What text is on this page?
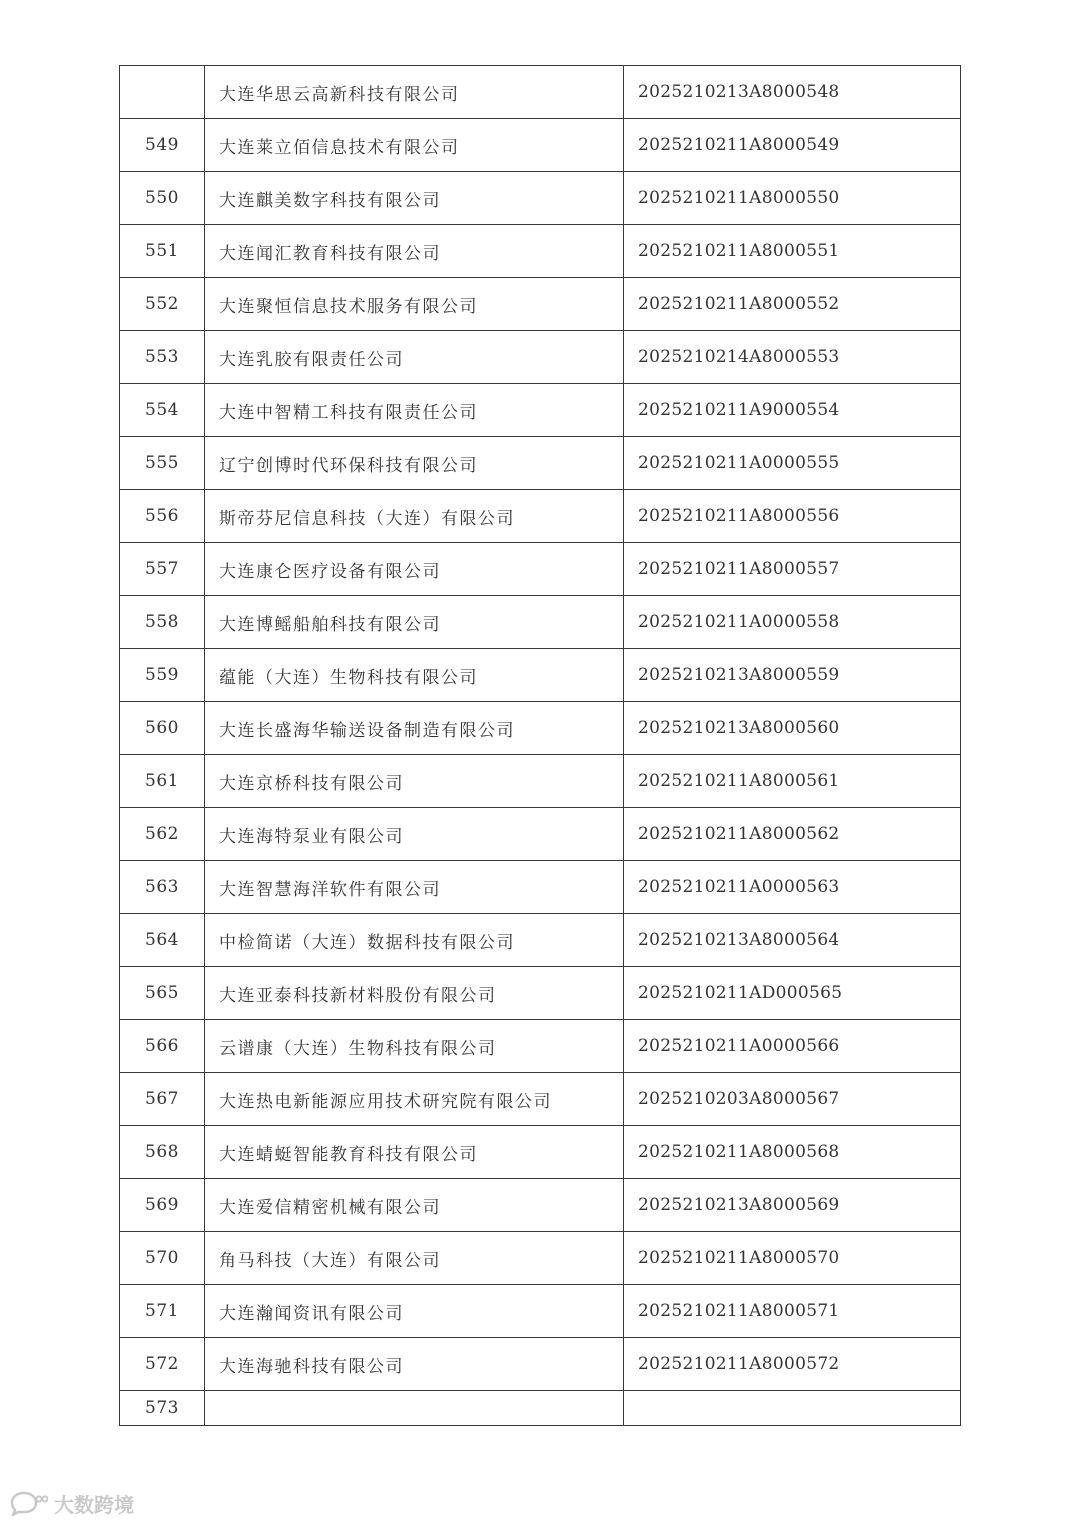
	大连华思云高新科技有限公司	2025210213A8000548
549	大连莱立佰信息技术有限公司	2025210211A8000549
550	大连麒美数字科技有限公司	2025210211A8000550
551	大连闻汇教育科技有限公司	2025210211A8000551
552	大连聚恒信息技术服务有限公司	2025210211A8000552
553	大连乳胶有限责任公司	2025210214A8000553
554	大连中智精工科技有限责任公司	2025210211A9000554
555	辽宁创博时代环保科技有限公司	2025210211A0000555
556	斯帝芬尼信息科技（大连）有限公司	2025210211A8000556
557	大连康仑医疗设备有限公司	2025210211A8000557
558	大连博鳐船舶科技有限公司	2025210211A0000558
559	蕴能（大连）生物科技有限公司	2025210213A8000559
560	大连长盛海华输送设备制造有限公司	2025210213A8000560
561	大连京桥科技有限公司	2025210211A8000561
562	大连海特泵业有限公司	2025210211A8000562
563	大连智慧海洋软件有限公司	2025210211A0000563
564	中检简诺（大连）数据科技有限公司	2025210213A8000564
565	大连亚泰科技新材料股份有限公司	2025210211AD000565
566	云谱康（大连）生物科技有限公司	2025210211A0000566
567	大连热电新能源应用技术研究院有限公司	2025210203A8000567
568	大连蜻蜓智能教育科技有限公司	2025210211A8000568
569	大连爱信精密机械有限公司	2025210213A8000569
570	角马科技（大连）有限公司	2025210211A8000570
571	大连瀚闻资讯有限公司	2025210211A8000571
572	大连海驰科技有限公司	2025210211A8000572
573		
大数跨境
